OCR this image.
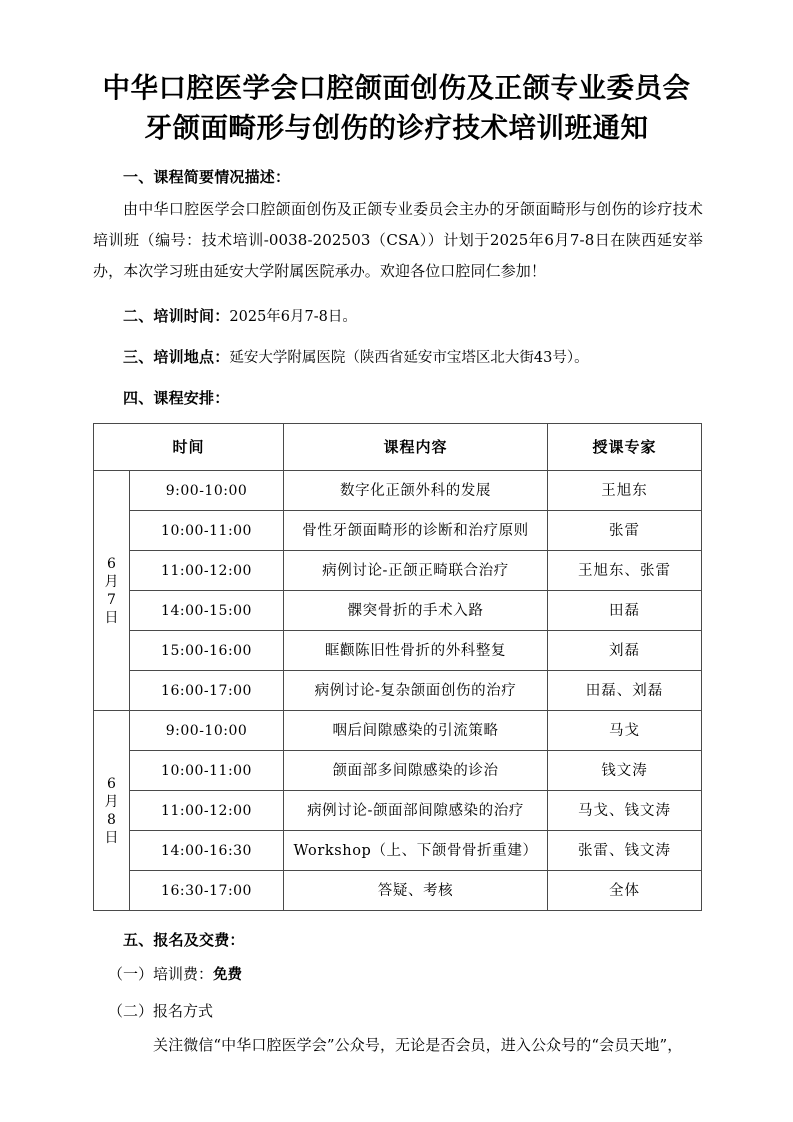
中华口腔医学会口腔颌面创伤及正颌专业委员会
牙颌面畸形与创伤的诊疗技术培训班通知

一、课程简要情况描述：

由中华口腔医学会口腔颌面创伤及正颌专业委员会主办的牙颌面畸形与创伤的诊疗技术培训班（编号：技术培训-0038-202503（CSA））计划于2025年6月7-8日在陕西延安举办，本次学习班由延安大学附属医院承办。欢迎各位口腔同仁参加！

二、培训时间：2025年6月7-8日。

三、培训地点：延安大学附属医院（陕西省延安市宝塔区北大街43号）。

四、课程安排：

时间		课程内容	授课专家

6
月
7
日	9:00-10:00	数字化正颌外科的发展	王旭东
	10:00-11:00	骨性牙颌面畸形的诊断和治疗原则	张雷
	11:00-12:00	病例讨论-正颌正畸联合治疗	王旭东、张雷
	14:00-15:00	髁突骨折的手术入路	田磊
	15:00-16:00	眶颧陈旧性骨折的外科整复	刘磊
	16:00-17:00	病例讨论-复杂颌面创伤的治疗	田磊、刘磊

6
月
8
日	9:00-10:00	咽后间隙感染的引流策略	马戈
	10:00-11:00	颌面部多间隙感染的诊治	钱文涛
	11:00-12:00	病例讨论-颌面部间隙感染的治疗	马戈、钱文涛
	14:00-16:30	Workshop（上、下颌骨骨折重建）	张雷、钱文涛
	16:30-17:00	答疑、考核	全体

五、报名及交费：

（一）培训费：免费

（二）报名方式

关注微信“中华口腔医学会”公众号，无论是否会员，进入公众号的“会员天地”，
